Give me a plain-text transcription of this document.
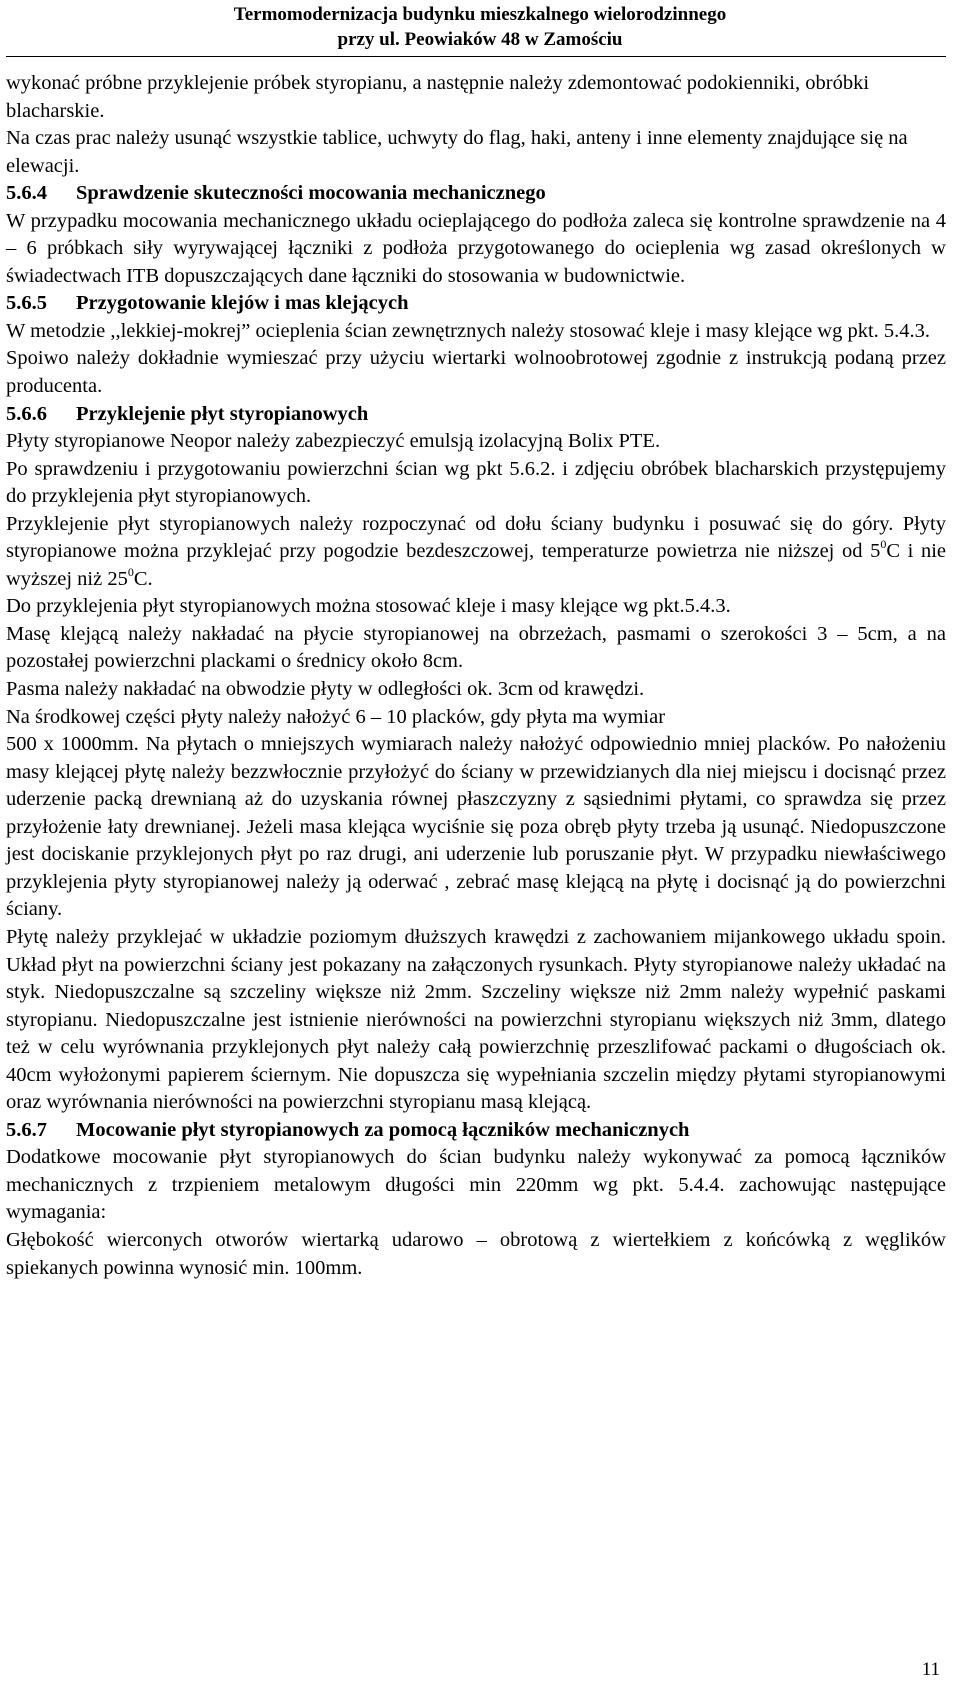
Termomodernizacja budynku mieszkalnego wielorodzinnego
przy ul. Peowiaków 48 w Zamościu

wykonać próbne przyklejenie próbek styropianu, a następnie należy zdemontować podokienniki, obróbki blacharskie.

Na czas prac należy usunąć wszystkie tablice, uchwyty do flag, haki, anteny i inne elementy znajdujące się na elewacji.

5.6.4 Sprawdzenie skuteczności mocowania mechanicznego

W przypadku mocowania mechanicznego układu ocieplającego do podłoża zaleca się kontrolne sprawdzenie na 4 – 6 próbkach siły wyrywającej łączniki z podłoża przygotowanego do ocieplenia wg zasad określonych w świadectwach ITB dopuszczających dane łączniki do stosowania w budownictwie.

5.6.5 Przygotowanie klejów i mas klejących

W metodzie ,,lekkiej-mokrej” ocieplenia ścian zewnętrznych należy stosować kleje i masy klejące wg pkt. 5.4.3.

Spoiwo należy dokładnie wymieszać przy użyciu wiertarki wolnoobrotowej zgodnie z instrukcją podaną przez producenta.

5.6.6 Przyklejenie płyt styropianowych

Płyty styropianowe Neopor należy zabezpieczyć emulsją izolacyjną Bolix PTE.

Po sprawdzeniu i przygotowaniu powierzchni ścian wg pkt 5.6.2. i zdjęciu obróbek blacharskich przystępujemy do przyklejenia płyt styropianowych.

Przyklejenie płyt styropianowych należy rozpoczynać od dołu ściany budynku i posuwać się do góry. Płyty styropianowe można przyklejać przy pogodzie bezdeszczowej, temperaturze powietrza nie niższej od $5^0C$ i nie wyższej niż $25^0C$.

Do przyklejenia płyt styropianowych można stosować kleje i masy klejące wg pkt.5.4.3.

Masę klejącą należy nakładać na płycie styropianowej na obrzeżach, pasmami o szerokości 3 – 5cm, a na pozostałej powierzchni plackami o średnicy około 8cm.

Pasma należy nakładać na obwodzie płyty w odległości ok. 3cm od krawędzi.

Na środkowej części płyty należy nałożyć 6 – 10 placków, gdy płyta ma wymiar

500 x 1000mm. Na płytach o mniejszych wymiarach należy nałożyć odpowiednio mniej placków. Po nałożeniu masy klejącej płytę należy bezzwłocznie przyłożyć do ściany w przewidzianych dla niej miejscu i docisnąć przez uderzenie packą drewnianą aż do uzyskania równej płaszczyzny z sąsiednimi płytami, co sprawdza się przez przyłożenie łaty drewnianej. Jeżeli masa klejąca wyciśnie się poza obręb płyty trzeba ją usunąć. Niedopuszczone jest dociskanie przyklejonych płyt po raz drugi, ani uderzenie lub poruszanie płyt. W przypadku niewłaściwego przyklejenia płyty styropianowej należy ją oderwać , zebrać masę klejącą na płytę i docisnąć ją do powierzchni ściany.

Płytę należy przyklejać w układzie poziomym dłuższych krawędzi z zachowaniem mijankowego układu spoin. Układ płyt na powierzchni ściany jest pokazany na załączonych rysunkach. Płyty styropianowe należy układać na styk. Niedopuszczalne są szczeliny większe niż 2mm. Szczeliny większe niż 2mm należy wypełnić paskami styropianu. Niedopuszczalne jest istnienie nierówności na powierzchni styropianu większych niż 3mm, dlatego też w celu wyrównania przyklejonych płyt należy całą powierzchnię przeszlifować packami o długościach ok. 40cm wyłożonymi papierem ściernym. Nie dopuszcza się wypełniania szczelin między płytami styropianowymi oraz wyrównania nierówności na powierzchni styropianu masą klejącą.

5.6.7 Mocowanie płyt styropianowych za pomocą łączników mechanicznych

Dodatkowe mocowanie płyt styropianowych do ścian budynku należy wykonywać za pomocą łączników mechanicznych z trzpieniem metalowym długości min 220mm wg pkt. 5.4.4. zachowując następujące wymagania:

Głębokość wierconych otworów wiertarką udarowo – obrotową z wiertełkiem z końcówką z węglików spiekanych powinna wynosić min. 100mm.

11
